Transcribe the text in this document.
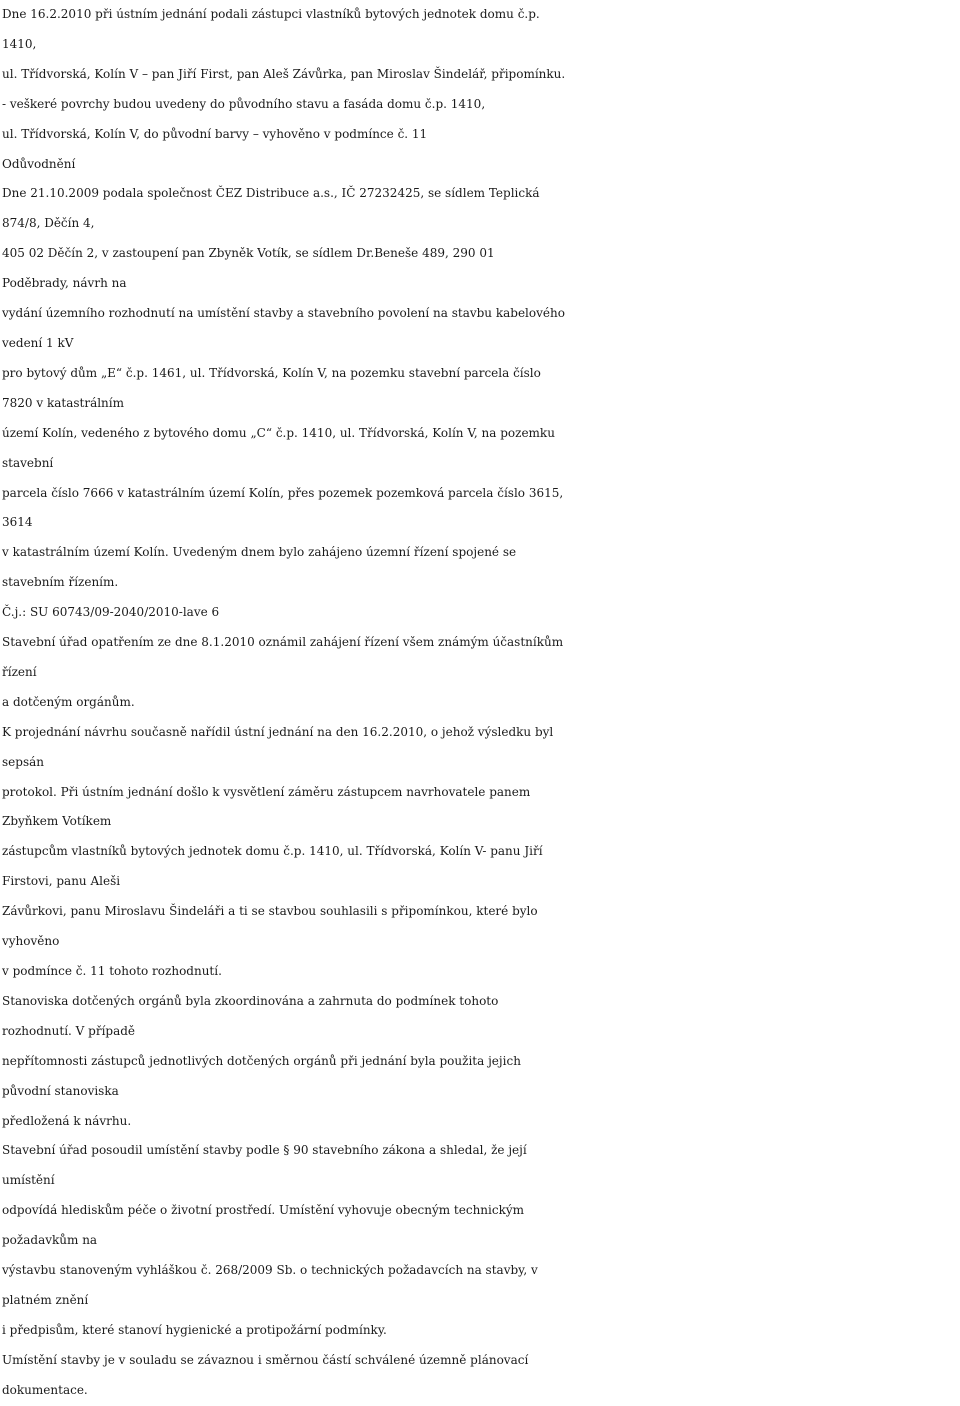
Dne 16.2.2010 při ústním jednání podali zástupci vlastníků bytových jednotek domu č.p.

1410,

ul. Třídvorská, Kolín V – pan Jiří First, pan Aleš Závůrka, pan Miroslav Šindelář, připomínku.

- veškeré povrchy budou uvedeny do původního stavu a fasáda domu č.p. 1410,

ul. Třídvorská, Kolín V, do původní barvy – vyhověno v podmínce č. 11

Odůvodnění

Dne 21.10.2009 podala společnost ČEZ Distribuce a.s., IČ 27232425, se sídlem Teplická

874/8, Děčín 4,

405 02 Děčín 2, v zastoupení pan Zbyněk Votík, se sídlem Dr.Beneše 489, 290 01

Poděbrady, návrh na

vydání územního rozhodnutí na umístění stavby a stavebního povolení na stavbu kabelového

vedení 1 kV

pro bytový dům „E“ č.p. 1461, ul. Třídvorská, Kolín V, na pozemku stavební parcela číslo

7820 v katastrálním

území Kolín, vedeného z bytového domu „C“ č.p. 1410, ul. Třídvorská, Kolín V, na pozemku

stavební

parcela číslo 7666 v katastrálním území Kolín, přes pozemek pozemková parcela číslo 3615,

3614

v katastrálním území Kolín. Uvedeným dnem bylo zahájeno územní řízení spojené se

stavebním řízením.

Č.j.: SU 60743/09-2040/2010-lave 6

Stavební úřad opatřením ze dne 8.1.2010 oznámil zahájení řízení všem známým účastníkům

řízení

a dotčeným orgánům.

K projednání návrhu současně nařídil ústní jednání na den 16.2.2010, o jehož výsledku byl

sepsán

protokol. Při ústním jednání došlo k vysvětlení záměru zástupcem navrhovatele panem

Zbyňkem Votíkem

zástupcům vlastníků bytových jednotek domu č.p. 1410, ul. Třídvorská, Kolín V- panu Jiří

Firstovi, panu Aleši

Závůrkovi, panu Miroslavu Šindeláři a ti se stavbou souhlasili s připomínkou, které bylo

vyhověno

v podmínce č. 11 tohoto rozhodnutí.

Stanoviska dotčených orgánů byla zkoordinována a zahrnuta do podmínek tohoto

rozhodnutí. V případě

nepřítomnosti zástupců jednotlivých dotčených orgánů při jednání byla použita jejich

původní stanoviska

předložená k návrhu.

Stavební úřad posoudil umístění stavby podle § 90 stavebního zákona a shledal, že její

umístění

odpovídá hlediskům péče o životní prostředí. Umístění vyhovuje obecným technickým

požadavkům na

výstavbu stanoveným vyhláškou č. 268/2009 Sb. o technických požadavcích na stavby, v

platném znění

i předpisům, které stanoví hygienické a protipožární podmínky.

Umístění stavby je v souladu se závaznou i směrnou částí schválené územně plánovací

dokumentace.
